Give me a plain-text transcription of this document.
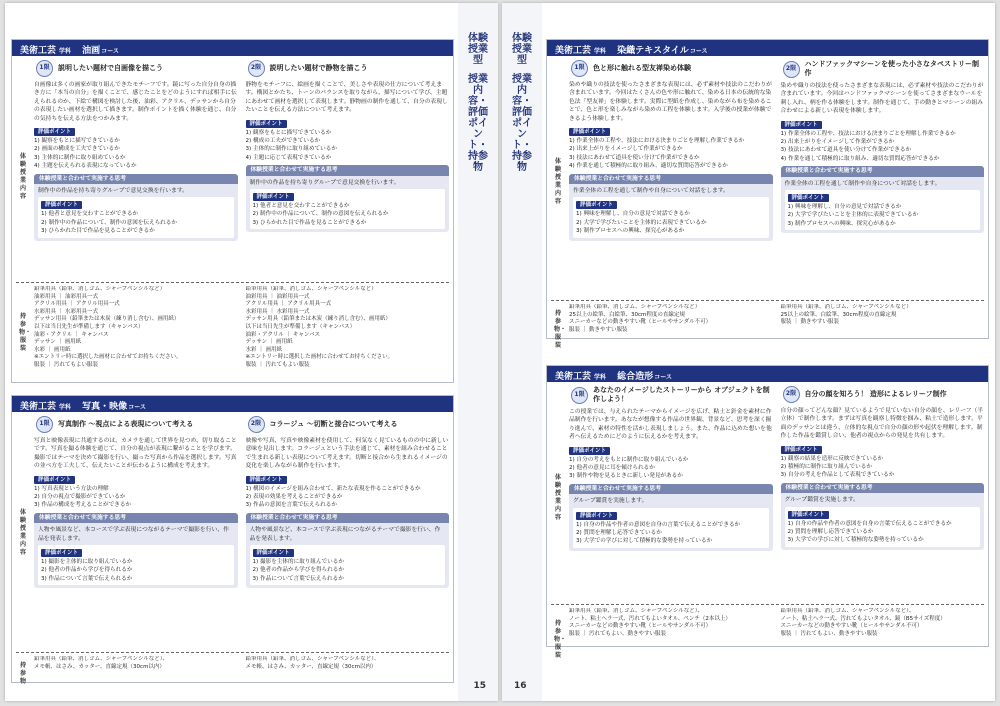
体験授業型
授業内容・評価ポイント・持参物
15
美術工芸 学科 油画コース
体験授業内容
持参物・服装
1限	説明したい題材で自画像を描こう
自画像は多くの画家が取り組んできたモチーフです。鏡に写った自分自身の描き方に「本当の自分」を描くことで、感じたことをどのようにすれば相手に伝えられるのか、下絵で構図を検討した後、油彩、アクリル、デッサンから自分の表現したい画材を選択して描きます。制作ポイントを描く体験を通じ、自分の気持ちを伝える方法をつかみます。
評価ポイント
1) 観察をもとに描写できているか
2) 画面の構成を工夫できているか
3) 主体的に制作に取り組めているか
4) 主題を伝えられる表現になっているか
体験授業と合わせて実施する思考
制作中の作品を持ち寄りグループで意見交換を行います。
評価ポイント
1) 他者と意見を交わすことができるか
2) 制作中の作品について、制作の意図を伝えられるか
3) ひらかれた目で作品を見ることができるか
2限	説明したい題材で静物を描こう
静物をモチーフに、絵画を描くことで、美しさや表現の仕方について考えます。構図とかたち、トーンのバランスを取りながら、描写について学び、主題にあわせて画材を選択して表現します。静物画の制作を通して、自分の表現したいことを伝える方法について考えます。
評価ポイント
1) 観察をもとに描写できているか
2) 構成の工夫ができているか
3) 主体的に制作に取り組めているか
4) 主題に応じて表現できているか
体験授業と合わせて実施する思考
制作中の作品を持ち寄りグループで意見交換を行います。
評価ポイント
1) 他者と意見を交わすことができるか
2) 制作中の作品について、制作の意図を伝えられるか
3) ひらかれた目で作品を見ることができるか
鉛筆用具（鉛筆、消しゴム、シャープペンシルなど）
油彩用具 ｜ 油彩用具一式
アクリル用具 ｜ アクリル用具一式
水彩用具 ｜ 水彩用具一式
デッサン用具（鉛筆または木炭（練り消し含む）、画用紙）
以下は当日先生が準備します（キャンバス）
油彩・アクリル ｜ キャンバス
デッサン ｜ 画用紙
水彩 ｜ 画用紙
※エントリー時に選択した画材に合わせてお持ちください。
服装 ｜ 汚れてもよい服装
鉛筆用具（鉛筆、消しゴム、シャープペンシルなど）
油彩用具 ｜ 油彩用具一式
アクリル用具 ｜ アクリル用具一式
水彩用具 ｜ 水彩用具一式
デッサン用具（鉛筆または木炭（練り消し含む）、画用紙）
以下は当日先生が準備します（キャンバス）
油彩・アクリル ｜ キャンバス
デッサン ｜ 画用紙
水彩 ｜ 画用紙
※エントリー時に選択した画材に合わせてお持ちください。
服装 ｜ 汚れてもよい服装
美術工芸 学科 写真・映像コース
体験授業内容
持参物
1限	写真制作 ～視点による表現について考える
写真と映像表現に共通するのは、カメラを通して世界を見つめ、切り取ることです。写真を撮る体験を通じて、自分の視点が表現に繋がることを学びます。撮影ではテーマを決めて撮影を行い、撮った写真から作品を選択します。写真の並べ方を工夫して、伝えたいことが伝わるように構成を考えます。
評価ポイント
1) 写真表現という方法の理解
2) 自分の視点で撮影ができているか
3) 作品の構成を考えることができるか
体験授業と合わせて実施する思考
人物や風景など、本コースで学ぶ表現につながるテーマで撮影を行い、作品を発表します。
評価ポイント
1) 撮影を主体的に取り組んでいるか
2) 他者の作品から学びを得られるか
3) 作品について言葉で伝えられるか
2限	コラージュ ～切断と接合について考える
映像や写真、写真や映像素材を使用して、何気なく見ているものの中に新しい意味を見出します。コラージュという手法を通じて、素材を組み合わせることで生まれる新しい表現について考えます。切断と接合から生まれるイメージの変化を楽しみながら制作を行います。
評価ポイント
1) 構図のイメージを組み合わせて、新たな表現を作ることができるか
2) 表現の効果を考えることができるか
3) 作品の意図を言葉で伝えられるか
体験授業と合わせて実施する思考
人物や風景など、本コースで学ぶ表現につながるテーマで撮影を行い、作品を発表します。
評価ポイント
1) 撮影を主体的に取り組んでいるか
2) 他者の作品から学びを得られるか
3) 作品について言葉で伝えられるか
鉛筆用具（鉛筆、消しゴム、シャープペンシルなど）、
メモ帳、はさみ、カッター、直線定規（30cm以内）
鉛筆用具（鉛筆、消しゴム、シャープペンシルなど）、
メモ帳、はさみ、カッター、直線定規（30cm以内）
体験授業型
授業内容・評価ポイント・持参物
16
美術工芸 学科 染織テキスタイルコース
体験授業内容
持参物・服装
1限	色と形に触れる型友禅染め体験
染めや織りの技法を使ったさまざまな表現には、必ず素材や技法のこだわりが含まれています。今回はたくさんの色や形に触れて、染める日本の伝統的な染色法「型友禅」を体験します。実際に型紙を作成し、染めながら布を染めることで、色と形を楽しみながら染めの工程を体験します。入学後の授業が体験できるよう体験します。
評価ポイント
1) 作業全体の工程や、技法における決まりごとを理解し作業できるか
2) 出来上がりをイメージして作業ができるか
3) 技法にあわせて道具を使い分けて作業ができるか
4) 作業を通して積極的に取り組み、適切な質問応答ができるか
体験授業と合わせて実施する思考
作業全体の工程を通して制作や自身について対話をします。
評価ポイント
1) 興味を理解し、自分の意見で対話できるか
2) 大学で学びたいことを主体的に表現できているか
3) 制作プロセスへの興味、探究心があるか
2限
ハンドファックマシーンを使った小さなタペストリー制作
染めや織りの技法を使ったさまざまな表現には、必ず素材や技法のこだわりが含まれています。今回はハンドファックマシーンを使ってさまざまなウールを刺し入れ、柄を作る体験をします。制作を通じて、手の動きとマシーンの組み合わせによる新しい表現を体験します。
評価ポイント
1) 作業全体の工程や、技法における決まりごとを理解し作業できるか
2) 出来上がりをイメージして作業ができるか
3) 技法にあわせて道具を使い分けて作業ができるか
4) 作業を通して積極的に取り組み、適切な質問応答ができるか
体験授業と合わせて実施する思考
作業全体の工程を通して制作や自身について対話をします。
評価ポイント
1) 興味を理解し、自分の意見で対話できるか
2) 大学で学びたいことを主体的に表現できているか
3) 制作プロセスへの興味、探究心があるか
鉛筆用具（鉛筆、消しゴム、シャープペンシルなど）
25以上の絵筆、白絵筆、30cm程度の直線定規
スニーカーなどの動きやすい靴（ヒールやサンダル不可）
服装 ｜ 動きやすい服装
鉛筆用具（鉛筆、消しゴム、シャープペンシルなど）
25以上の絵筆、白絵筆、30cm程度の直線定規
服装 ｜ 動きやすい服装
美術工芸 学科 総合造形コース
体験授業内容
持参物・服装
1限
あなたのイメージしたストーリーから オブジェクトを制作しよう！
この授業では、与えられたテーマからイメージを広げ、粘土と針金を素材に作品制作を行います。あなたが想像する作品の世界観、背景など、思考を深く掘り進んで、素材の特性を活かし表現しましょう。また、作品に込めた想いを他者へ伝えるためにどのように伝えるかを考えます。
評価ポイント
1) 自分の考えをもとに制作に取り組んでいるか
2) 他者の意見に耳を傾けられるか
3) 制作や物を見るときに新しい発見があるか
体験授業と合わせて実施する思考
グループ鑑賞を実施します。
評価ポイント
1) 自身の作品や作者の意図を自身の言葉で伝えることができるか
2) 質問を理解し応答できているか
3) 大学での学びに対して積極的な姿勢を持っているか
2限	自分の顔を知ろう！ 造形によるレリーフ制作
自分の顔ってどんな顔？見ているようで見ていない自分の顔を、レリーフ（半立体）で制作します。まずは写真を観察し特徴を掴み、粘土で造形します。平面のデッサンとは違う、立体的な視点で自分の顔の形や起伏を理解します。制作した作品を鑑賞し合い、他者の視点からの発見を共有します。
評価ポイント
1) 観察の結果を造形に反映できているか
2) 積極的に制作に取り組んでいるか
3) 自分の考えを作品として表現できているか
体験授業と合わせて実施する思考
グループ鑑賞を実施します。
評価ポイント
1) 自身の作品や作者の意図を自身の言葉で伝えることができるか
2) 質問を理解し応答できているか
3) 大学での学びに対して積極的な姿勢を持っているか
鉛筆用具（鉛筆、消しゴム、シャープペンシルなど）、
ノート、粘土ヘラ一式、汚れてもよいタオル、ペンチ（2本以上）
スニーカーなどの動きやすい靴（ヒールやサンダル不可）
服装 ｜ 汚れてもよい、動きやすい服装
鉛筆用具（鉛筆、消しゴム、シャープペンシルなど）、
ノート、粘土ヘラ一式、汚れてもよいタオル、鏡（B5サイズ程度）
スニーカーなどの動きやすい靴（ヒールやサンダル不可）
服装 ｜ 汚れてもよい、動きやすい服装
